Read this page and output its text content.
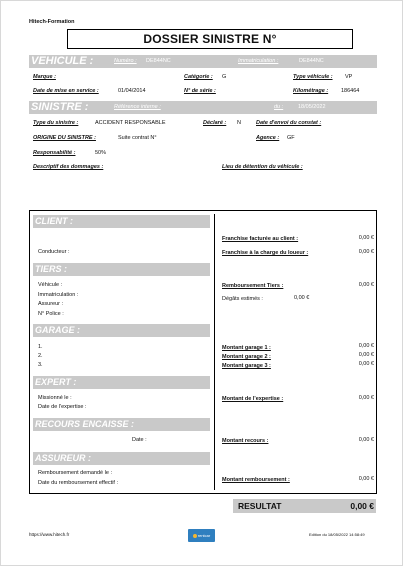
Hitech-Formation
DOSSIER SINISTRE N°
VEHICULE :	Numéro : DE844NC	Immatriculation :	DE844NC
Marque :	Catégorie : G	Type véhicule : VP
Date de mise en service :	01/04/2014	N° de série :	Kilométrage : 186464
SINISTRE :	Référence interne :	du :	18/05/2022
Type du sinistre :	ACCIDENT RESPONSABLE	Déclaré : N	Date d'envoi du constat :
ORIGINE DU SINISTRE :	Suite contrat N°	Agence : GF
Responsabilité :	50%
Descriptif des dommages :	Lieu de détention du véhicule :
CLIENT :
Conducteur :
Franchise facturée au client :	0,00 €
Franchise à la charge du loueur :	0,00 €
TIERS :
Véhicule :
Immatriculation :
Assureur :
N° Police :
Remboursement Tiers :	0,00 €
Dégâts estimés :	0,00 €
GARAGE :
1.
2.
3.
Montant garage 1 :	0,00 €
Montant garage 2 :	0,00 €
Montant garage 3 :	0,00 €
EXPERT :
Missionné le :
Date de l'expertise :
Montant de l'expertise :	0,00 €
RECOURS ENCAISSE :
Date :	Montant recours :	0,00 €
ASSUREUR :
Remboursement demandé le :
Date du remboursement effectif :	Montant remboursement :	0,00 €
RESULTAT	0,00 €
https://www.hitech.fr	rentcar	Edition du 18/05/2022 14:58:49
